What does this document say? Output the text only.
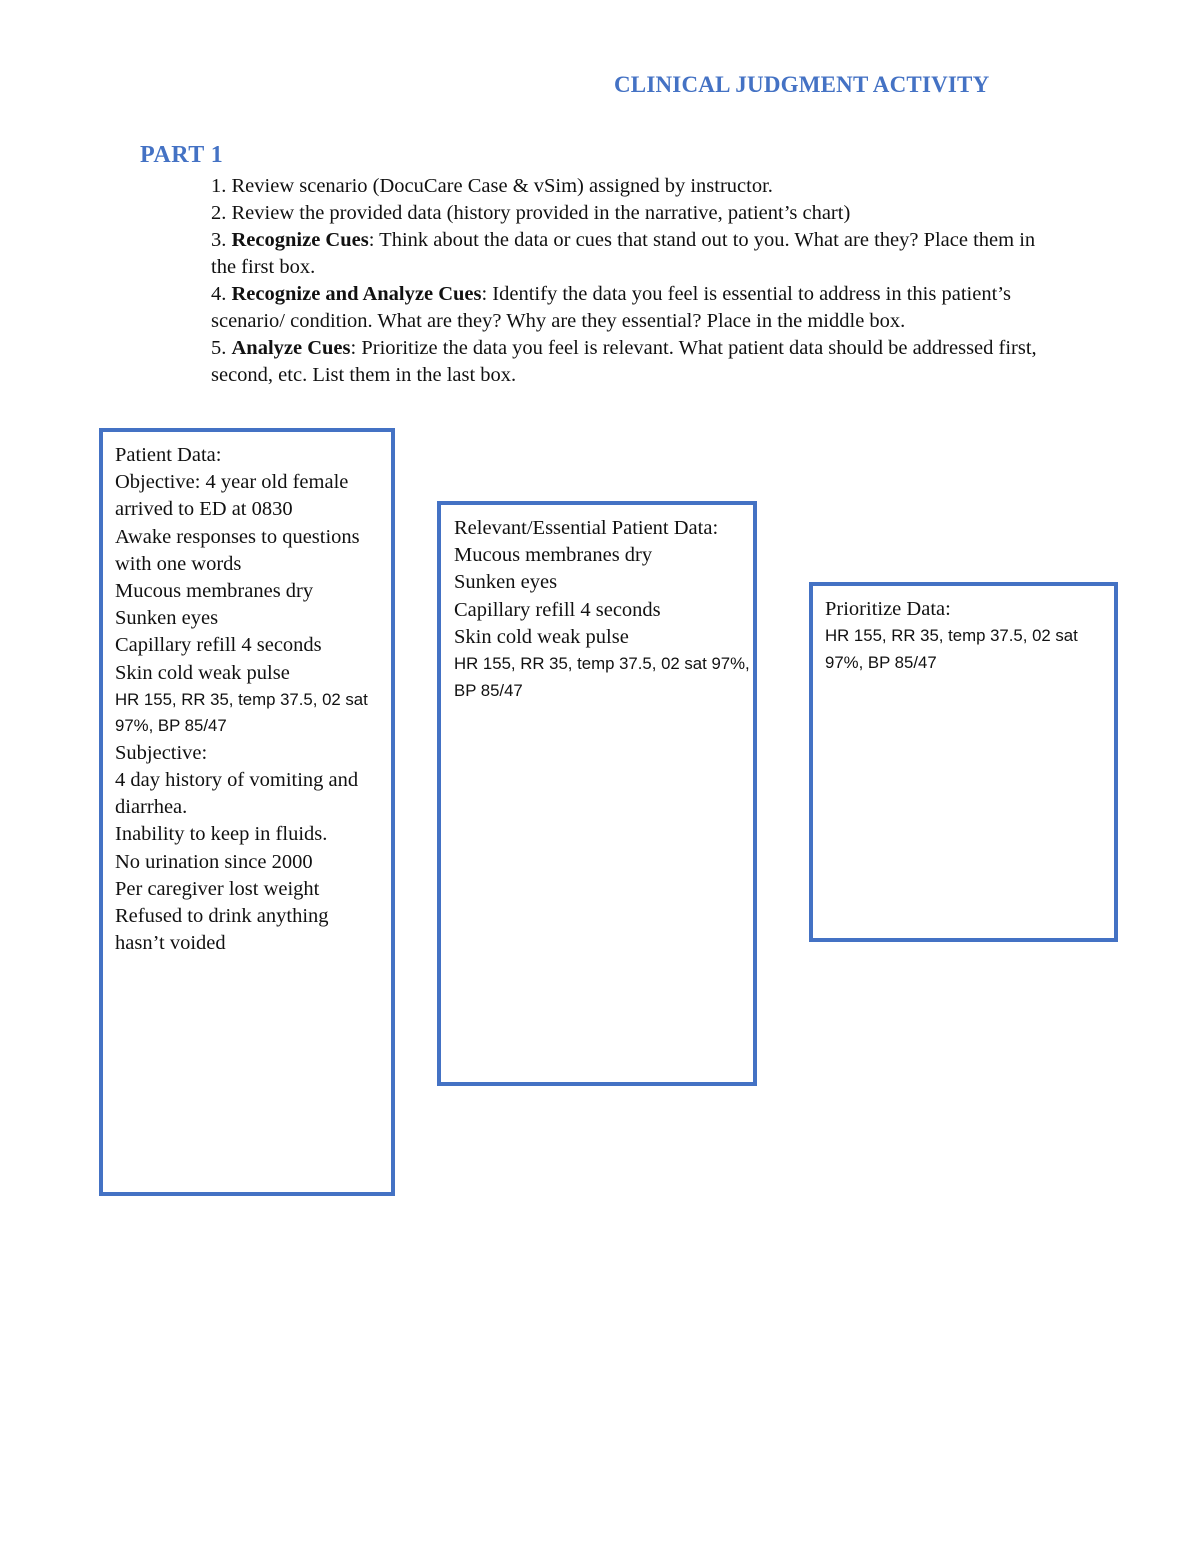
CLINICAL JUDGMENT ACTIVITY
PART 1
1. Review scenario (DocuCare Case & vSim) assigned by instructor.
2. Review the provided data (history provided in the narrative, patient’s chart)
3. Recognize Cues: Think about the data or cues that stand out to you. What are they? Place them in the first box.
4. Recognize and Analyze Cues: Identify the data you feel is essential to address in this patient’s scenario/ condition. What are they? Why are they essential? Place in the middle box.
5. Analyze Cues: Prioritize the data you feel is relevant. What patient data should be addressed first, second, etc. List them in the last box.
Patient Data:
Objective: 4 year old female arrived to ED at 0830
Awake responses to questions with one words
Mucous membranes dry
Sunken eyes
Capillary refill 4 seconds
Skin cold weak pulse
HR 155, RR 35, temp 37.5, 02 sat 97%, BP 85/47
Subjective:
4 day history of vomiting and diarrhea.
Inability to keep in fluids.
No urination since 2000
Per caregiver lost weight
Refused to drink anything hasn’t voided
Relevant/Essential Patient Data:
Mucous membranes dry
Sunken eyes
Capillary refill 4 seconds
Skin cold weak pulse
HR 155, RR 35, temp 37.5, 02 sat 97%, BP 85/47
Prioritize Data:
HR 155, RR 35, temp 37.5, 02 sat 97%, BP 85/47
